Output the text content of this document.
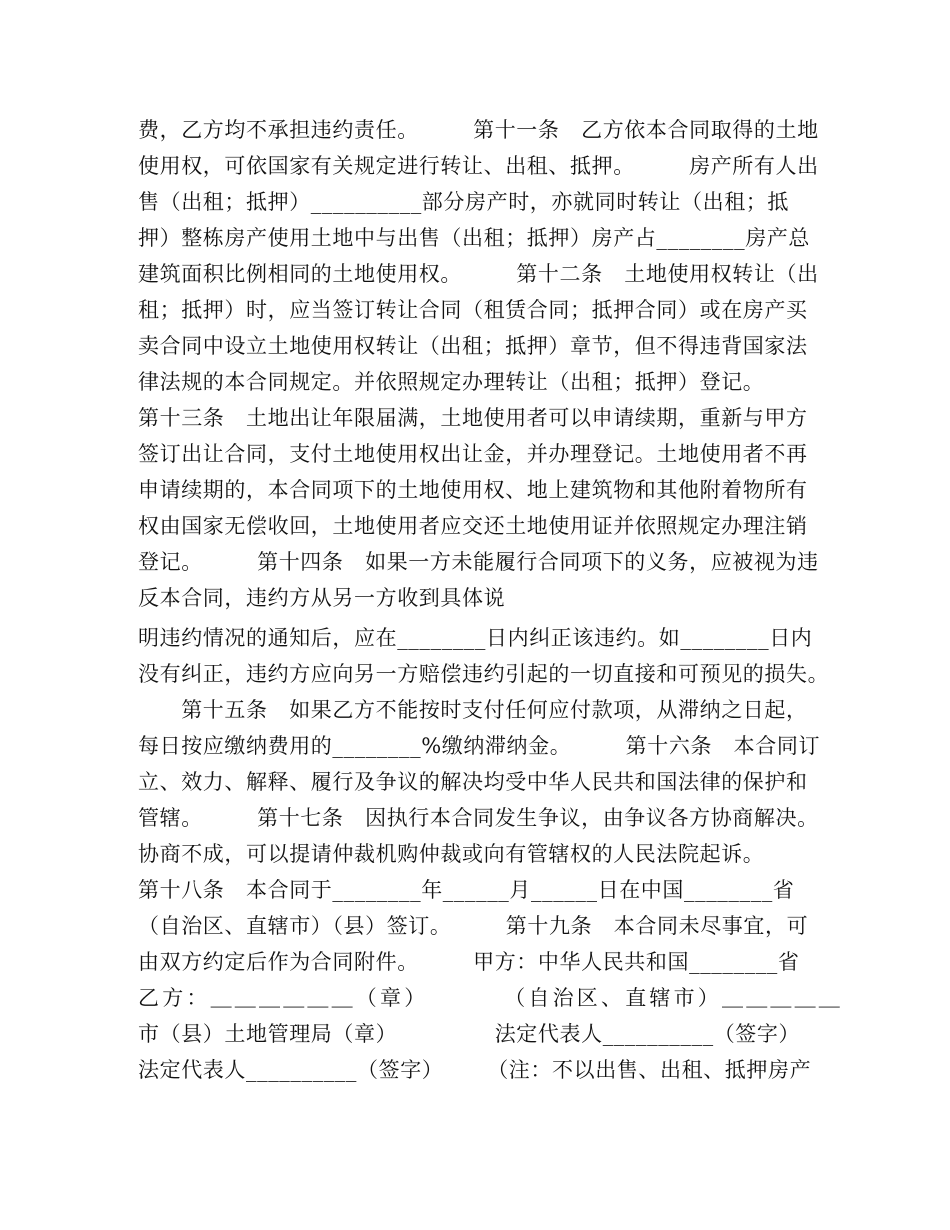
费，乙方均不承担违约责任。　　　第十一条　乙方依本合同取得的土地
使用权，可依国家有关规定进行转让、出租、抵押。　　　房产所有人出
售（出租；抵押）__________部分房产时，亦就同时转让（出租；抵
押）整栋房产使用土地中与出售（出租；抵押）房产占________房产总
建筑面积比例相同的土地使用权。　　　第十二条　土地使用权转让（出
租；抵押）时，应当签订转让合同（租赁合同；抵押合同）或在房产买
卖合同中设立土地使用权转让（出租；抵押）章节，但不得违背国家法
律法规的本合同规定。并依照规定办理转让（出租；抵押）登记。
第十三条　土地出让年限届满，土地使用者可以申请续期，重新与甲方
签订出让合同，支付土地使用权出让金，并办理登记。土地使用者不再
申请续期的，本合同项下的土地使用权、地上建筑物和其他附着物所有
权由国家无偿收回，土地使用者应交还土地使用证并依照规定办理注销
登记。　　　第十四条　如果一方未能履行合同项下的义务，应被视为违
反本合同，违约方从另一方收到具体说
明违约情况的通知后，应在________日内纠正该违约。如________日内
没有纠正，违约方应向另一方赔偿违约引起的一切直接和可预见的损失。
　　第十五条　如果乙方不能按时支付任何应付款项，从滞纳之日起，
每日按应缴纳费用的________%缴纳滞纳金。　　　第十六条　本合同订
立、效力、解释、履行及争议的解决均受中华人民共和国法律的保护和
管辖。　　　第十七条　因执行本合同发生争议，由争议各方协商解决。
协商不成，可以提请仲裁机购仲裁或向有管辖权的人民法院起诉。
第十八条　本合同于________年______月______日在中国________省
（自治区、直辖市）（县）签订。　　　第十九条　本合同未尽事宜，可
由双方约定后作为合同附件。　　　甲方：中华人民共和国________省
乙方：＿＿＿＿＿＿（章）　　　　（自治区、直辖市）＿＿＿＿＿
市（县）土地管理局（章）　　　　　法定代表人__________（签字）
法定代表人__________（签字）　　　（注：不以出售、出租、抵押房产
